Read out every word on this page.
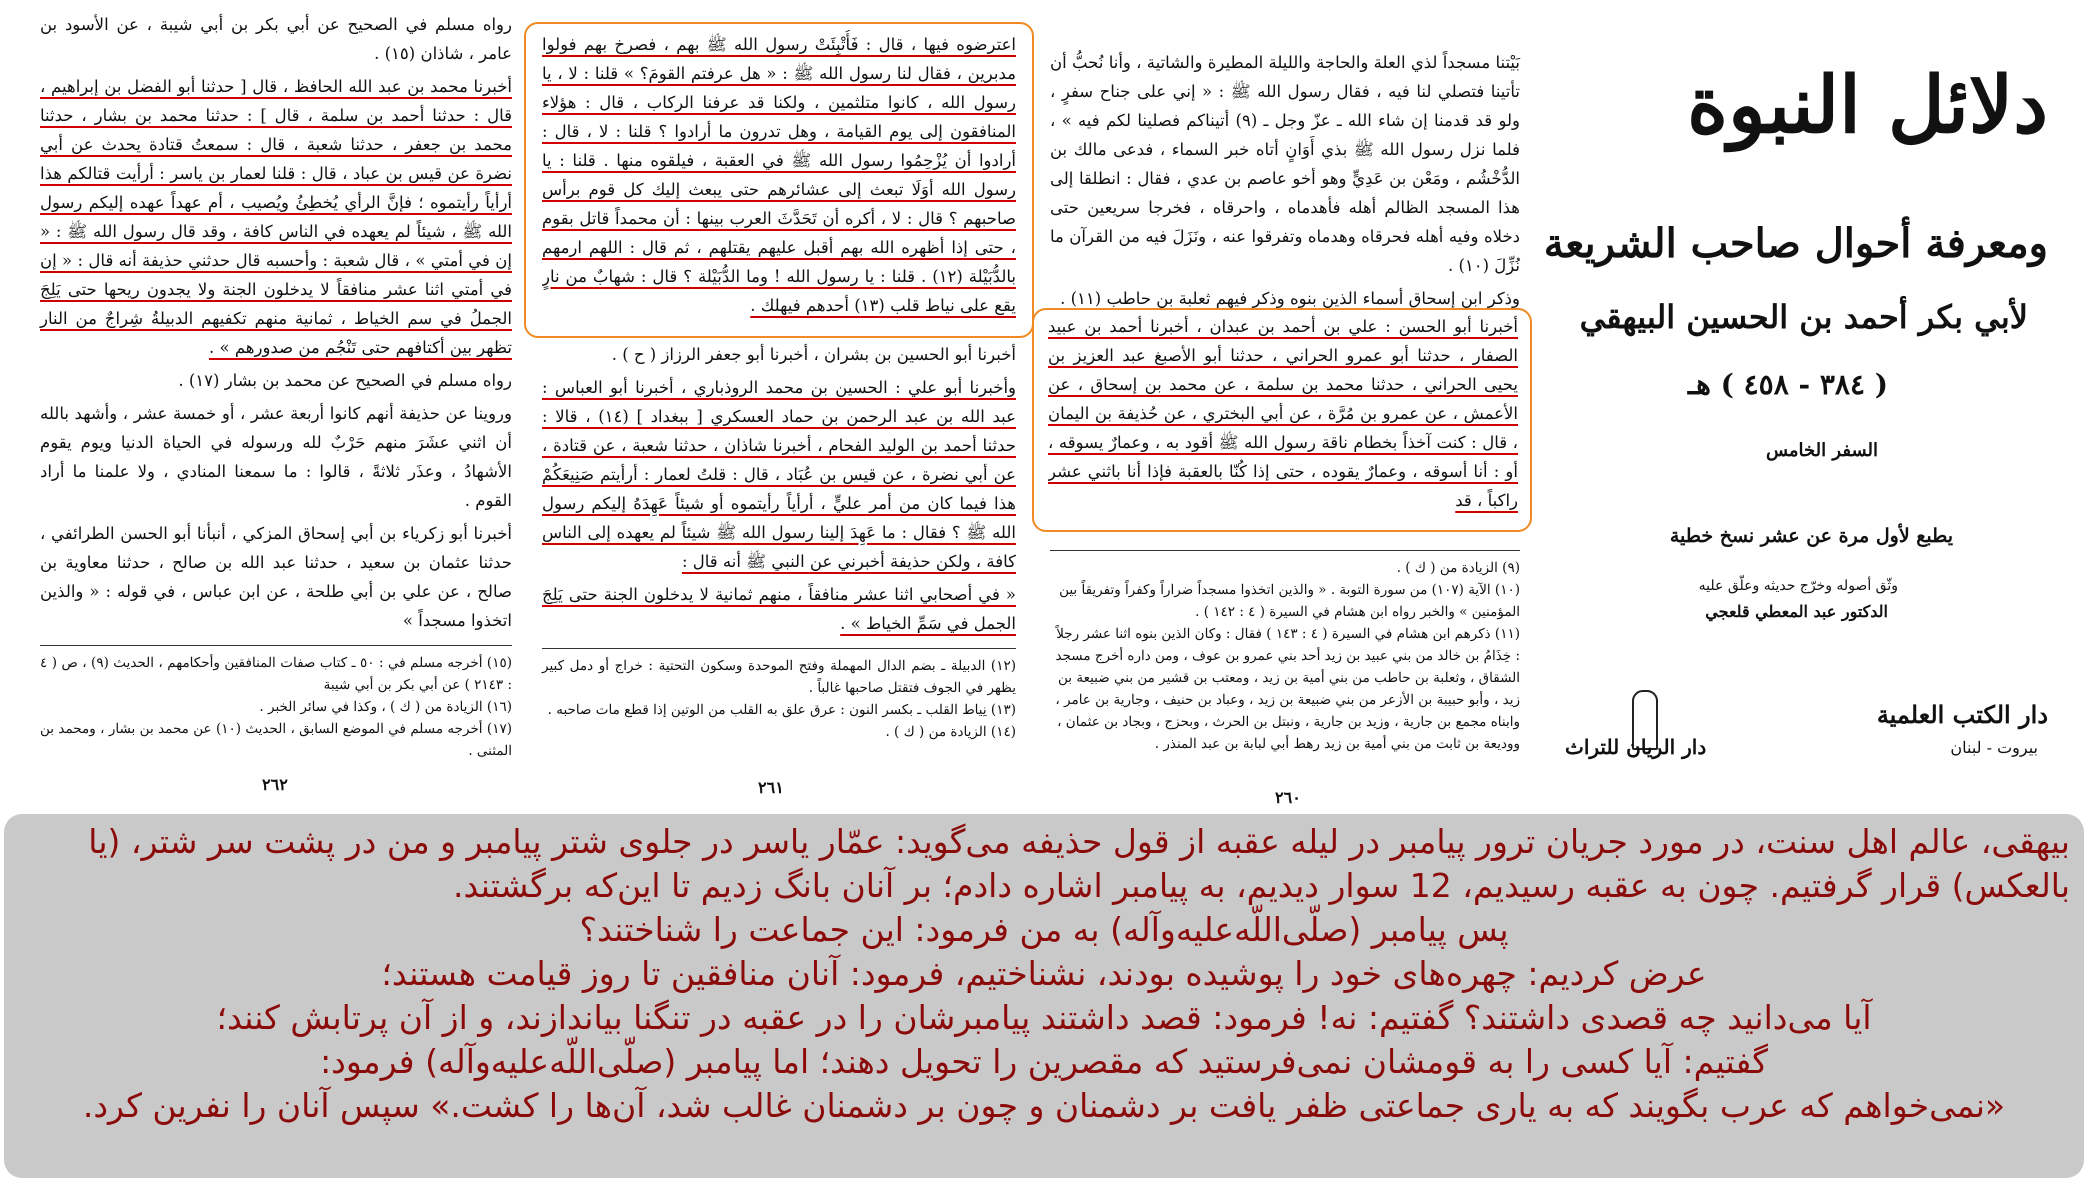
رواه مسلم في الصحيح عن أبي بكر بن أبي شيبة ، عن الأسود بن عامر ، شاذان (١٥) .

أخبرنا محمد بن عبد الله الحافظ ، قال [ حدثنا أبو الفضل بن إبراهيم ، قال : حدثنا أحمد بن سلمة ، قال ] : حدثنا محمد بن بشار ، حدثنا محمد بن جعفر ، حدثنا شعبة ، قال : سمعتُ قتادة يحدث عن أبي نضرة عن قيس بن عباد ، قال : قلنا لعمار بن ياسر : أرأيت قتالكم هذا أرأياً رأيتموه ؛ فإنَّ الرأي يُخطِئُ ويُصيب ، أم عهداً عهده إليكم رسول الله ﷺ ، شيئاً لم يعهده في الناس كافة ، وقد قال رسول الله ﷺ : « إن في أمتي » ، قال شعبة : وأحسبه قال حدثني حذيفة أنه قال : « إن في أمتي اثنا عشر منافقاً لا يدخلون الجنة ولا يجدون ريحها حتى يَلِجَ الجملُ في سم الخياط ، ثمانية منهم تكفيهم الدبيلةُ شِراجٌ من النار تظهر بين أكتافهم حتى تَنْجُم من صدورهم » .

رواه مسلم في الصحيح عن محمد بن بشار (١٧) .

وروينا عن حذيفة أنهم كانوا أربعة عشر ، أو خمسة عشر ، وأشهد بالله أن اثني عشَرَ منهم حَرْبٌ لله ورسوله في الحياة الدنيا ويوم يقوم الأشهادُ ، وعذَر ثلاثةً ، قالوا : ما سمعنا المنادي ، ولا علمنا ما أراد القوم .

أخبرنا أبو زكرياء بن أبي إسحاق المزكي ، أنبأنا أبو الحسن الطرائفي ، حدثنا عثمان بن سعيد ، حدثنا عبد الله بن صالح ، حدثنا معاوية بن صالح ، عن علي بن أبي طلحة ، عن ابن عباس ، في قوله : « والذين اتخذوا مسجداً »

(١٥) أخرجه مسلم في : ٥٠ ـ كتاب صفات المنافقين وأحكامهم ، الحديث (٩) ، ص ( ٤ : ٢١٤٣ ) عن أبي بكر بن أبي شيبة
(١٦) الزيادة من ( ك ) ، وكذا في سائر الخبر .
(١٧) أخرجه مسلم في الموضع السابق ، الحديث (١٠) عن محمد بن بشار ، ومحمد بن المثنى .
٢٦٢

اعترضوه فيها ، قال : فَأُتْبِئَتْ رسول الله ﷺ بهم ، فصرخ بهم فولوا مدبرين ، فقال لنا رسول الله ﷺ : « هل عرفتم القومَ؟ » قلنا : لا ، يا رسول الله ، كانوا متلثمين ، ولكنا قد عرفنا الركاب ، قال : هؤلاء المنافقون إلى يوم القيامة ، وهل تدرون ما أرادوا ؟ قلنا : لا ، قال : أرادوا أن يُزْحِمُوا رسول الله ﷺ في العقبة ، فيلقوه منها . قلنا : يا رسول الله أوَلَا تبعث إلى عشائرهم حتى يبعث إليك كل قوم برأس صاحبهم ؟ قال : لا ، أكره أن تَحَدَّثَ العرب بينها : أن محمداً قاتل بقوم ، حتى إذا أظهره الله بهم أقبل عليهم يقتلهم ، ثم قال : اللهم ارمهم بالدُّبَيْلة (١٢) . قلنا : يا رسول الله ! وما الدُّبَيْلة ؟ قال : شهابٌ من نارٍ يقع على نياط قلب (١٣) أحدهم فيهلك .

أخبرنا أبو الحسين بن بشران ، أخبرنا أبو جعفر الرزاز ( ح ) .

وأخبرنا أبو علي : الحسين بن محمد الروذباري ، أخبرنا أبو العباس : عبد الله بن عبد الرحمن بن حماد العسكري [ ببغداد ] (١٤) ، قالا : حدثنا أحمد بن الوليد الفحام ، أخبرنا شاذان ، حدثنا شعبة ، عن قتادة ، عن أبي نضرة ، عن قيس بن عُبَاد ، قال : قلتُ لعمار : أرأيتم صَنِيعَكُمْ هذا فيما كان من أمر عليٍّ ، أرأياً رأيتموه أو شيئاً عَهِدَهُ إليكم رسول الله ﷺ ؟ فقال : ما عَهِدَ إلينا رسول الله ﷺ شيئاً لم يعهده إلى الناس كافة ، ولكن حذيفة أخبرني عن النبي ﷺ أنه قال :

« في أصحابي اثنا عشر منافقاً ، منهم ثمانية لا يدخلون الجنة حتى يَلِجَ الجمل في سَمِّ الخياط » .

(١٢) الدبيلة ـ بضم الدال المهملة وفتح الموحدة وسكون التحتية : خراج أو دمل كبير يظهر في الجوف فتقتل صاحبها غالباً .
(١٣) نِياط القلب ـ بكسر النون : عرق علق به القلب من الوتين إذا قطع مات صاحبه .
(١٤) الزيادة من ( ك ) .
٢٦١

بَيْتنا مسجداً لذي العلة والحاجة والليلة المطيرة والشاتية ، وأنا نُحبُّ أن تأتينا فتصلي لنا فيه ، فقال رسول الله ﷺ : « إني على جناح سفرٍ ، ولو قد قدمنا إن شاء الله ـ عزّ وجل ـ (٩) أتيناكم فصلينا لكم فيه » ، فلما نزل رسول الله ﷺ بذي أَوَانٍ أتاه خبر السماء ، فدعى مالك بن الدُّخْشُم ، ومَعْن بن عَدِيٍّ وهو أخو عاصم بن عدي ، فقال : انطلقا إلى هذا المسجد الظالم أهله فأهدماه ، واحرقاه ، فخرجا سريعين حتى دخلاه وفيه أهله فحرقاه وهدماه وتفرقوا عنه ، ونَزَلَ فيه من القرآن ما نُزِّلَ (١٠) .

وذكر ابن إسحاق أسماء الذين بنوه وذكر فيهم ثعلبة بن حاطب (١١) .

أخبرنا أبو الحسن : علي بن أحمد بن عبدان ، أخبرنا أحمد بن عبيد الصفار ، حدثنا أبو عمرو الحراني ، حدثنا أبو الأصبغ عبد العزيز بن يحيى الحراني ، حدثنا محمد بن سلمة ، عن محمد بن إسحاق ، عن الأعمش ، عن عمرو بن مُرَّة ، عن أبي البختري ، عن حُذيفة بن اليمان ، قال : كنت آخذاً بخطام ناقة رسول الله ﷺ أقود به ، وعمارٌ يسوقه ، أو : أنا أسوقه ، وعمارٌ يقوده ، حتى إذا كُنّا بالعقبة فإذا أنا باثني عشر راكباً ، قد

(٩) الزيادة من ( ك ) .
(١٠) الآية (١٠٧) من سورة التوبة . « والذين اتخذوا مسجداً ضراراً وكفراً وتفريقاً بين المؤمنين » والخبر رواه ابن هشام في السيرة ( ٤ : ١٤٢ ) .
(١١) ذكرهم ابن هشام في السيرة ( ٤ : ١٤٣ ) فقال : وكان الذين بنوه اثنا عشر رجلاً : خِذَامُ بن خالد من بني عبيد بن زيد أحد بني عمرو بن عوف ، ومن داره أخرج مسجد الشقاق ، وثعلبة بن حاطب من بني أمية بن زيد ، ومعتب بن قشير من بني ضبيعة بن زيد ، وأبو حبيبة بن الأزعر من بني ضبيعة بن زيد ، وعباد بن حنيف ، وجارية بن عامر ، وابناه مجمع بن جارية ، وزيد بن جارية ، ونبتل بن الحرث ، وبحزج ، وبجاد بن عثمان ، ووديعة بن ثابت من بني أمية بن زيد رهط أبي لبابة بن عبد المنذر .
٢٦٠
دلائل النبوة
ومعرفة أحوال صاحب الشريعة
لأبي بكر أحمد بن الحسين البيهقي
( ٣٨٤ - ٤٥٨ ) هـ
السفر الخامس
يطبع لأول مرة عن عشر نسخ خطية
وثّق أصوله وخرّج حديثه وعلّق عليه
الدكتور عبد المعطي قلعجي
دار الكتب العلمية
بيروت - لبنان
دار الريان للتراث
بیهقی، عالم اهل سنت، در مورد جریان ترور پیامبر در لیله عقبه از قول حذیفه می‌گوید: عمّار یاسر در جلوی شتر پیامبر و من در پشت سر شتر، (یا بالعکس) قرار گرفتیم. چون به عقبه رسیدیم، 12 سوار دیدیم، به پیامبر اشاره دادم؛ بر آنان بانگ زدیم تا این‌که برگشتند.
پس پیامبر (صلّی‌اللّه‌علیه‌وآله) به من فرمود: این جماعت را شناختند؟
عرض کردیم: چهره‌های خود را پوشیده بودند، نشناختیم، فرمود: آنان منافقین تا روز قیامت هستند؛
آیا می‌دانید چه قصدی داشتند؟ گفتیم: نه! فرمود: قصد داشتند پیامبرشان را در عقبه در تنگنا بیاندازند، و از آن پرتابش کنند؛
گفتیم: آیا کسی را به قومشان نمی‌فرستید که مقصرین را تحویل دهند؛ اما پیامبر (صلّی‌اللّه‌علیه‌وآله) فرمود:
«نمی‌خواهم که عرب بگویند که به یاری جماعتی ظفر یافت بر دشمنان و چون بر دشمنان غالب شد، آن‌ها را کشت.» سپس آنان را نفرین کرد.
